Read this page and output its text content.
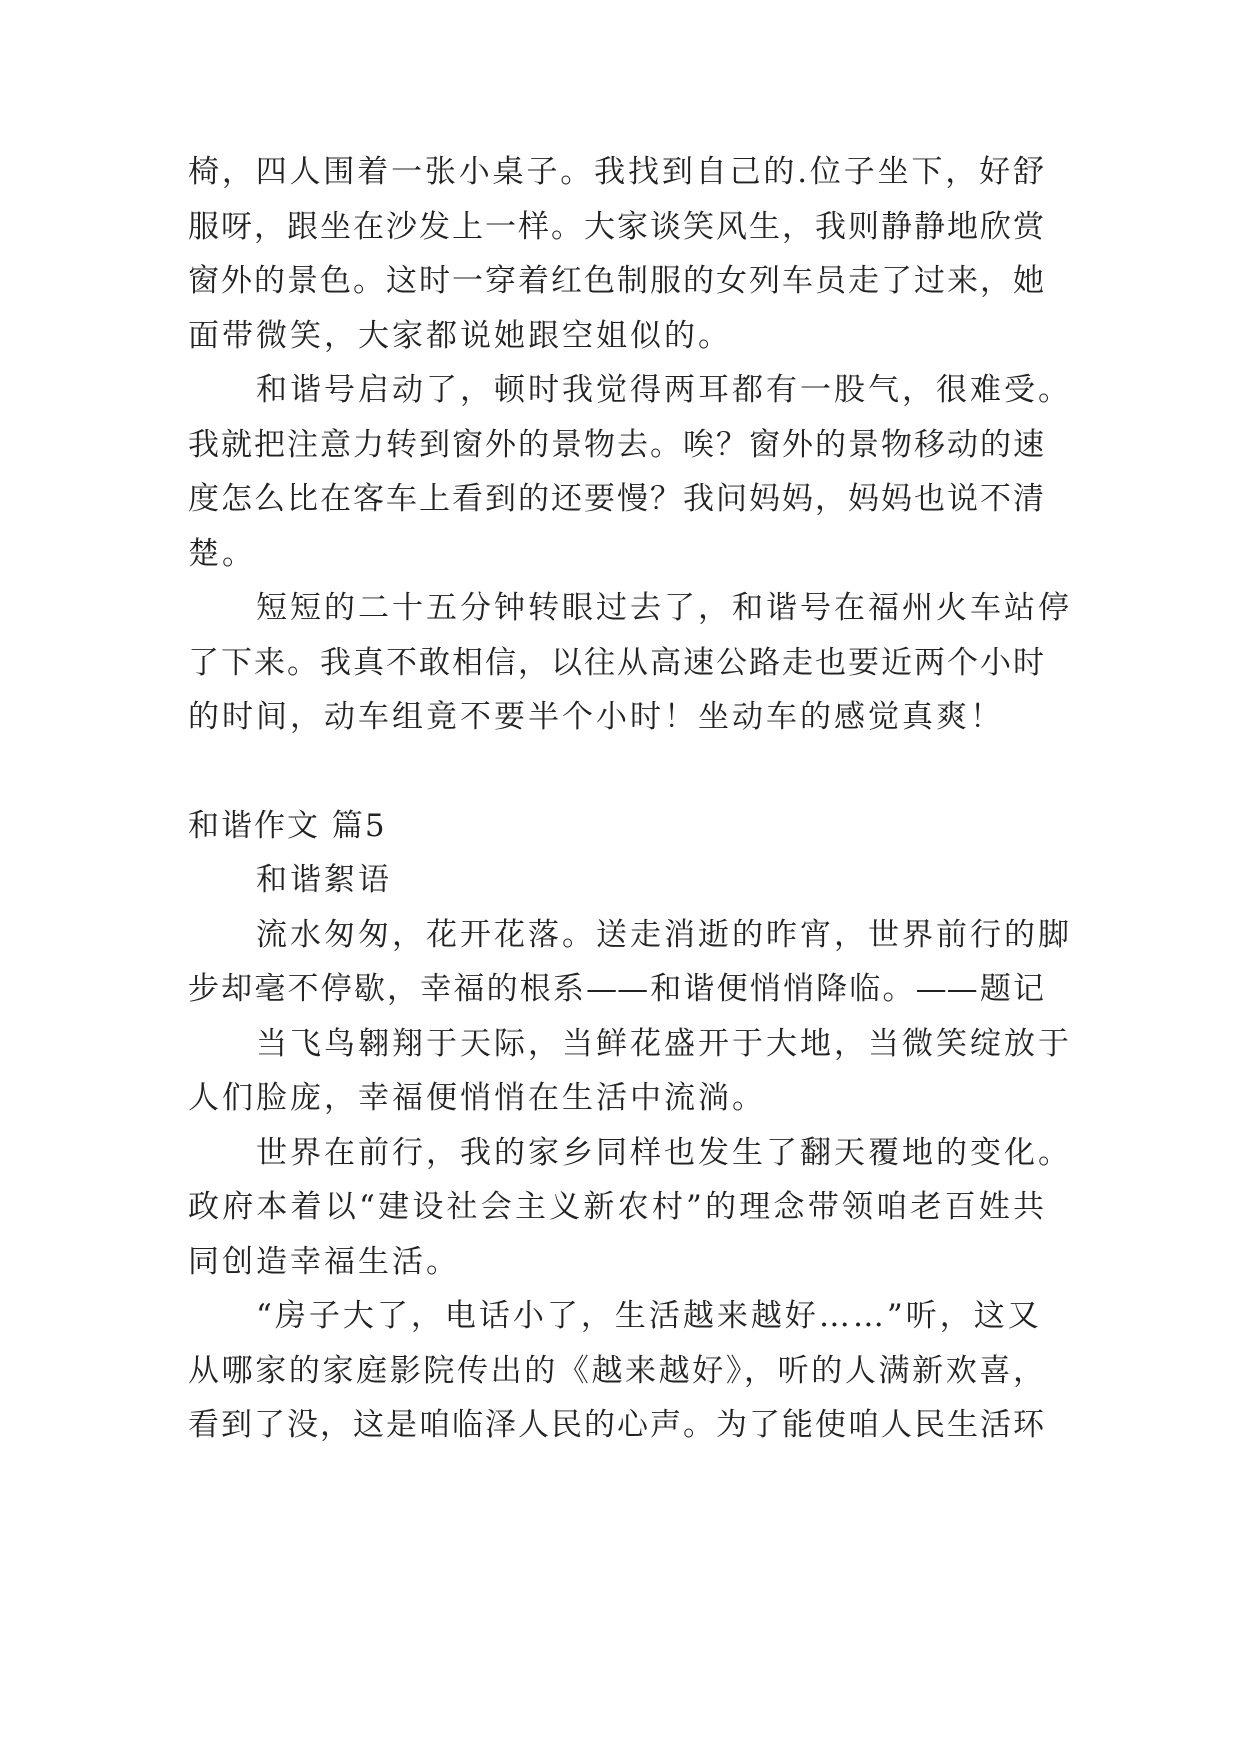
椅，四人围着一张小桌子。我找到自己的.位子坐下，好舒
服呀，跟坐在沙发上一样。大家谈笑风生，我则静静地欣赏
窗外的景色。这时一穿着红色制服的女列车员走了过来，她
面带微笑，大家都说她跟空姐似的。
和谐号启动了，顿时我觉得两耳都有一股气，很难受。
我就把注意力转到窗外的景物去。唉？窗外的景物移动的速
度怎么比在客车上看到的还要慢？我问妈妈，妈妈也说不清
楚。
短短的二十五分钟转眼过去了，和谐号在福州火车站停
了下来。我真不敢相信，以往从高速公路走也要近两个小时
的时间，动车组竟不要半个小时！坐动车的感觉真爽！
和谐作文 篇5
和谐絮语
流水匆匆，花开花落。送走消逝的昨宵，世界前行的脚
步却毫不停歇，幸福的根系——和谐便悄悄降临。——题记
当飞鸟翱翔于天际，当鲜花盛开于大地，当微笑绽放于
人们脸庞，幸福便悄悄在生活中流淌。
世界在前行，我的家乡同样也发生了翻天覆地的变化。
政府本着以“建设社会主义新农村”的理念带领咱老百姓共
同创造幸福生活。
“房子大了，电话小了，生活越来越好……”听，这又
从哪家的家庭影院传出的《越来越好》，听的人满新欢喜，
看到了没，这是咱临泽人民的心声。为了能使咱人民生活环
